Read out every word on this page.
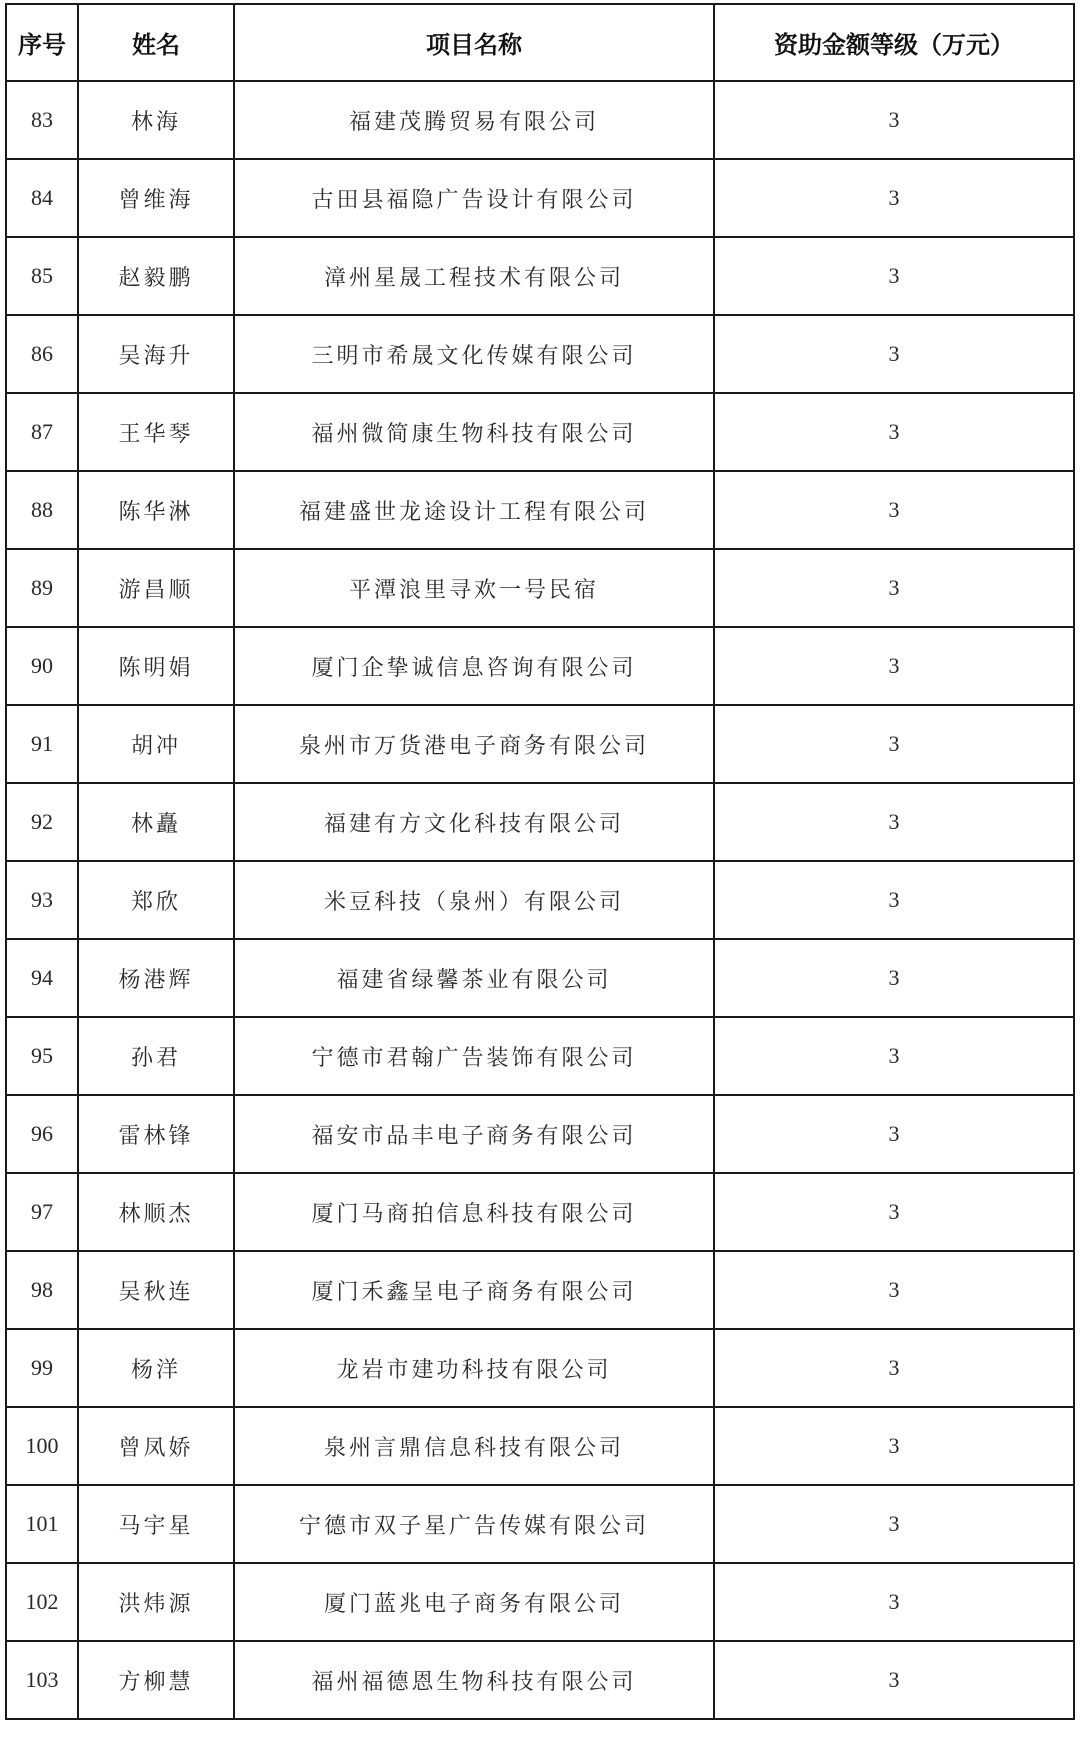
序号	姓名	项目名称	资助金额等级（万元）
83	林海	福建茂腾贸易有限公司	3
84	曾维海	古田县福隐广告设计有限公司	3
85	赵毅鹏	漳州星晟工程技术有限公司	3
86	吴海升	三明市希晟文化传媒有限公司	3
87	王华琴	福州微简康生物科技有限公司	3
88	陈华淋	福建盛世龙途设计工程有限公司	3
89	游昌顺	平潭浪里寻欢一号民宿	3
90	陈明娟	厦门企挚诚信息咨询有限公司	3
91	胡冲	泉州市万货港电子商务有限公司	3
92	林矗	福建有方文化科技有限公司	3
93	郑欣	米豆科技（泉州）有限公司	3
94	杨港辉	福建省绿馨茶业有限公司	3
95	孙君	宁德市君翰广告装饰有限公司	3
96	雷林锋	福安市品丰电子商务有限公司	3
97	林顺杰	厦门马商拍信息科技有限公司	3
98	吴秋连	厦门禾鑫呈电子商务有限公司	3
99	杨洋	龙岩市建功科技有限公司	3
100	曾凤娇	泉州言鼎信息科技有限公司	3
101	马宇星	宁德市双子星广告传媒有限公司	3
102	洪炜源	厦门蓝兆电子商务有限公司	3
103	方柳慧	福州福德恩生物科技有限公司	3
